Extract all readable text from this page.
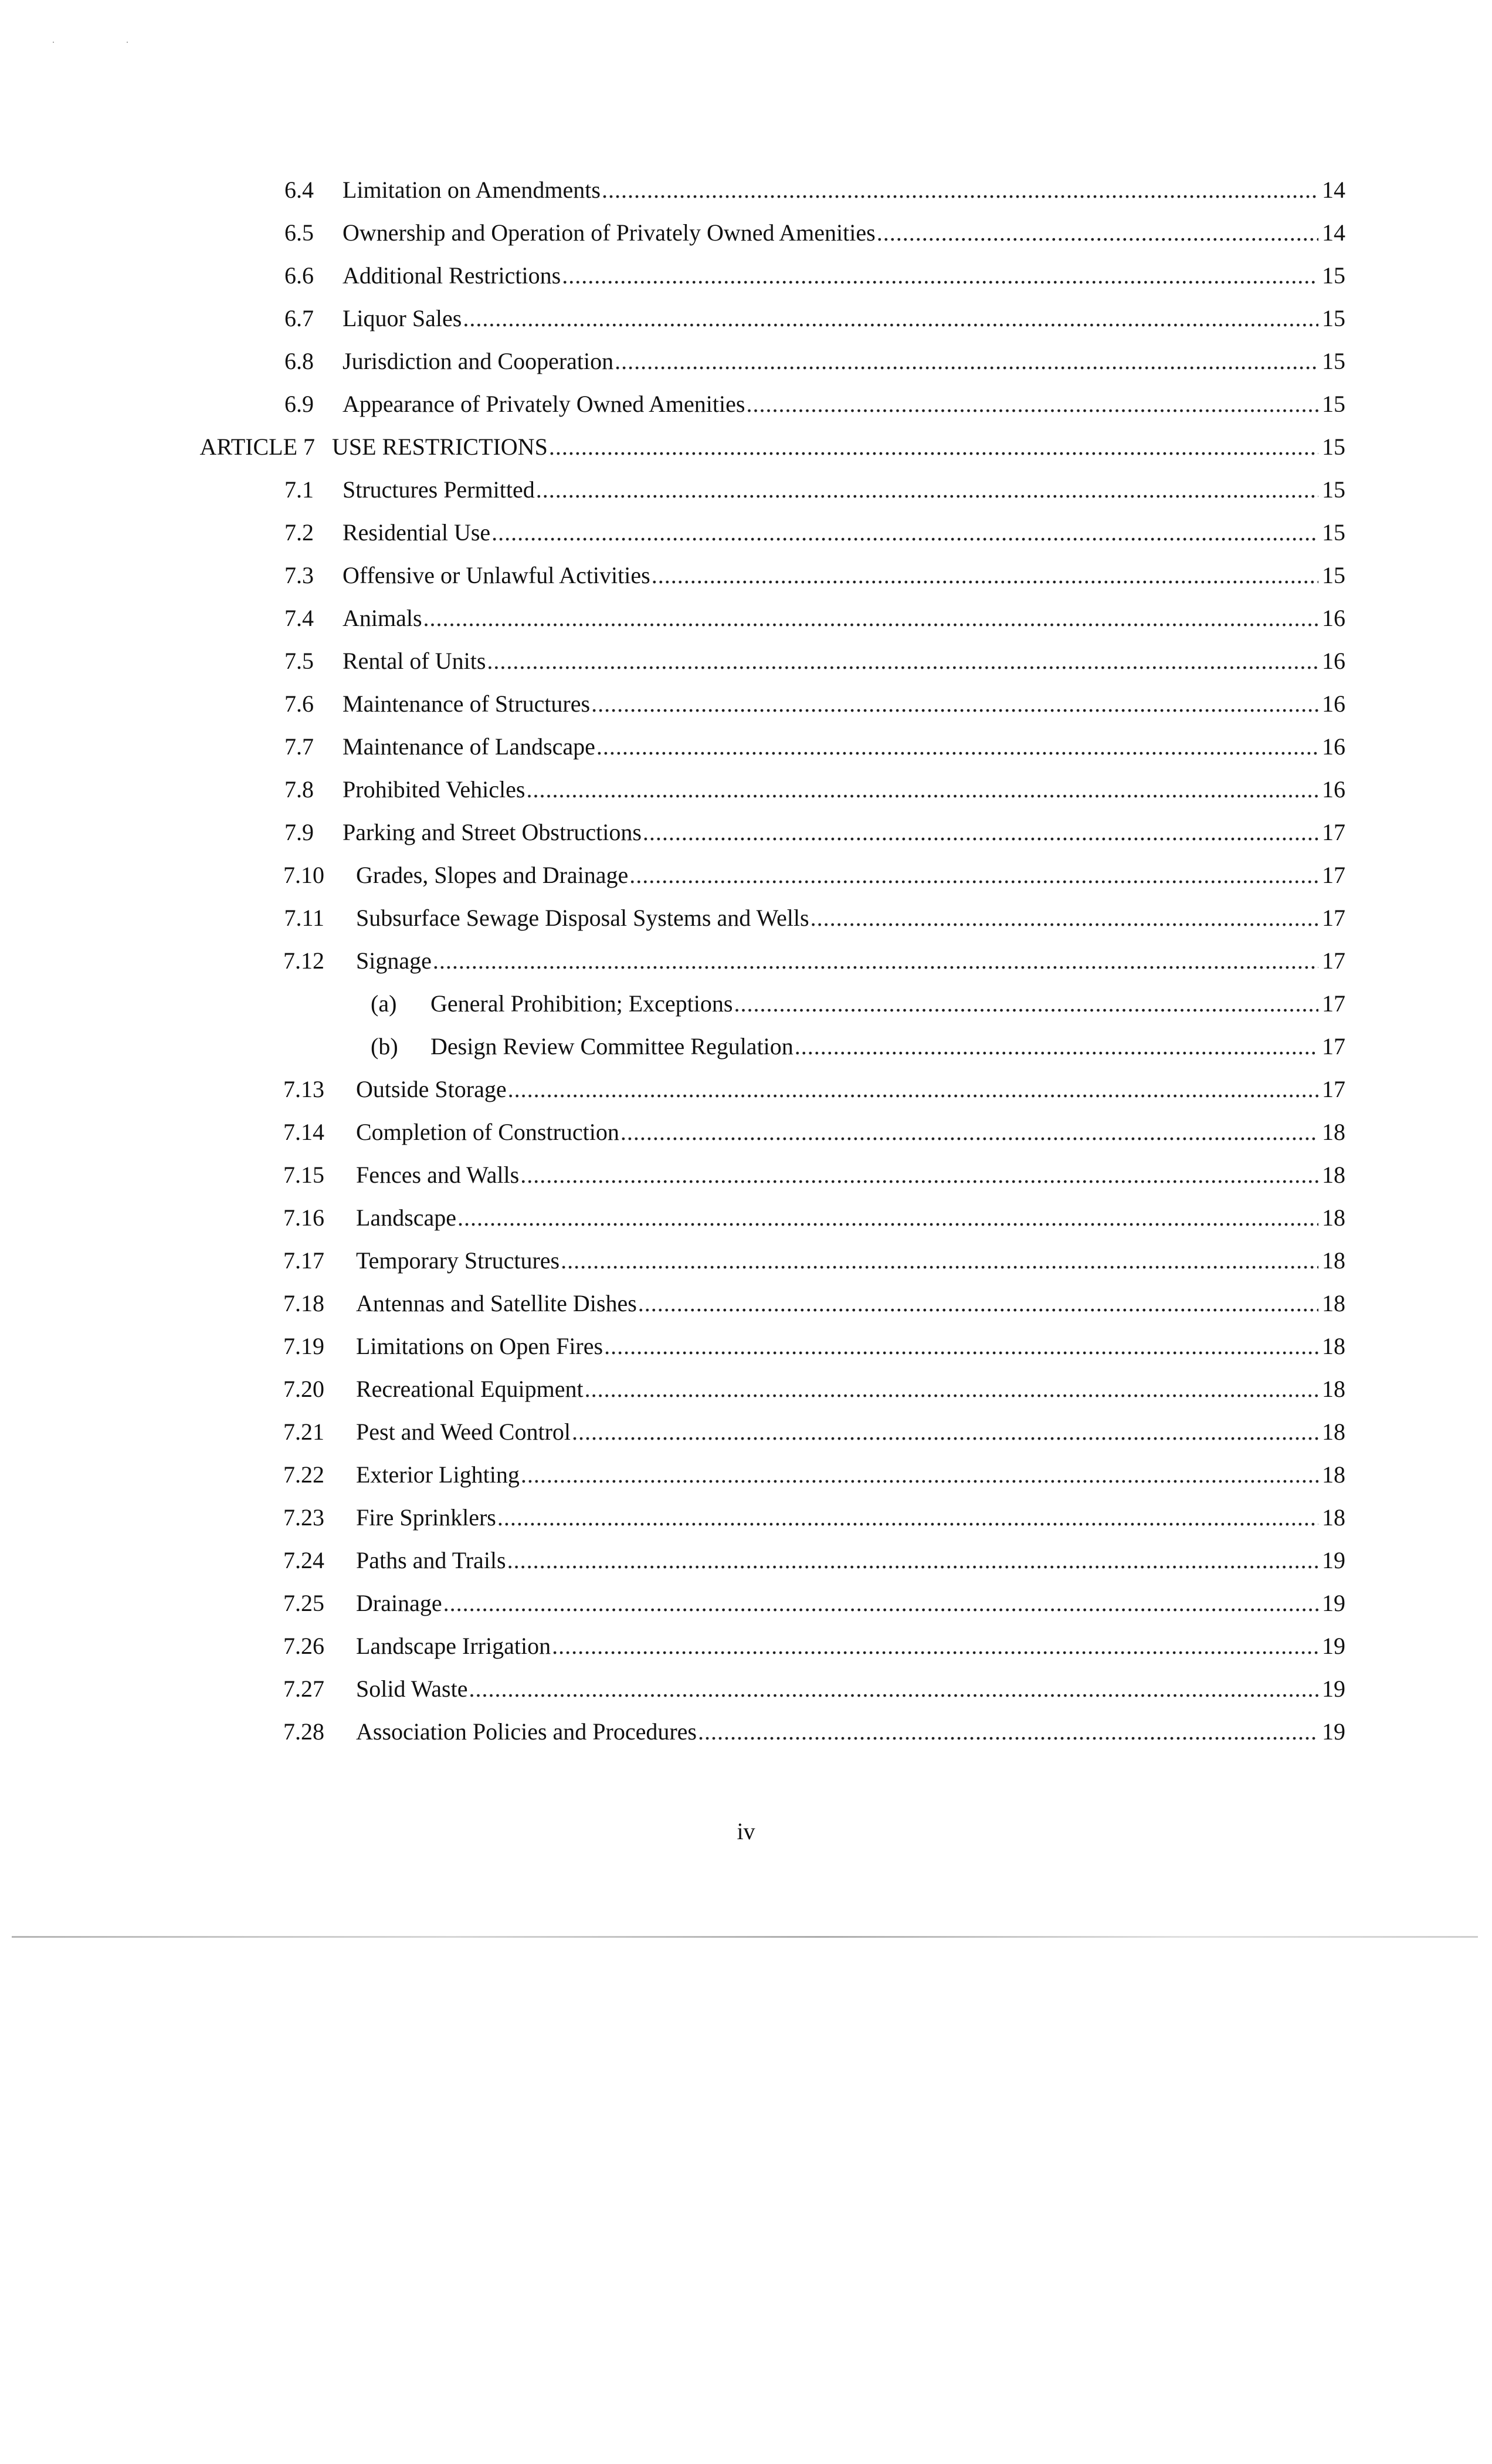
··
6.4 Limitation on Amendments .....	14
6.5 Ownership and Operation of Privately Owned Amenities .....	14
6.6 Additional Restrictions .....	15
6.7 Liquor Sales .....	15
6.8 Jurisdiction and Cooperation .....	15
6.9 Appearance of Privately Owned Amenities .....	15
ARTICLE 7 USE RESTRICTIONS .....	15
7.1 Structures Permitted .....	15
7.2 Residential Use .....	15
7.3 Offensive or Unlawful Activities .....	15
7.4 Animals .....	16
7.5 Rental of Units .....	16
7.6 Maintenance of Structures .....	16
7.7 Maintenance of Landscape .....	16
7.8 Prohibited Vehicles .....	16
7.9 Parking and Street Obstructions .....	17
7.10 Grades, Slopes and Drainage .....	17
7.11 Subsurface Sewage Disposal Systems and Wells .....	17
7.12 Signage .....	17
(a) General Prohibition; Exceptions .....	17
(b) Design Review Committee Regulation .....	17
7.13 Outside Storage .....	17
7.14 Completion of Construction .....	18
7.15 Fences and Walls .....	18
7.16 Landscape .....	18
7.17 Temporary Structures .....	18
7.18 Antennas and Satellite Dishes .....	18
7.19 Limitations on Open Fires .....	18
7.20 Recreational Equipment .....	18
7.21 Pest and Weed Control .....	18
7.22 Exterior Lighting .....	18
7.23 Fire Sprinklers .....	18
7.24 Paths and Trails .....	19
7.25 Drainage .....	19
7.26 Landscape Irrigation .....	19
7.27 Solid Waste .....	19
7.28 Association Policies and Procedures .....	19
iv
